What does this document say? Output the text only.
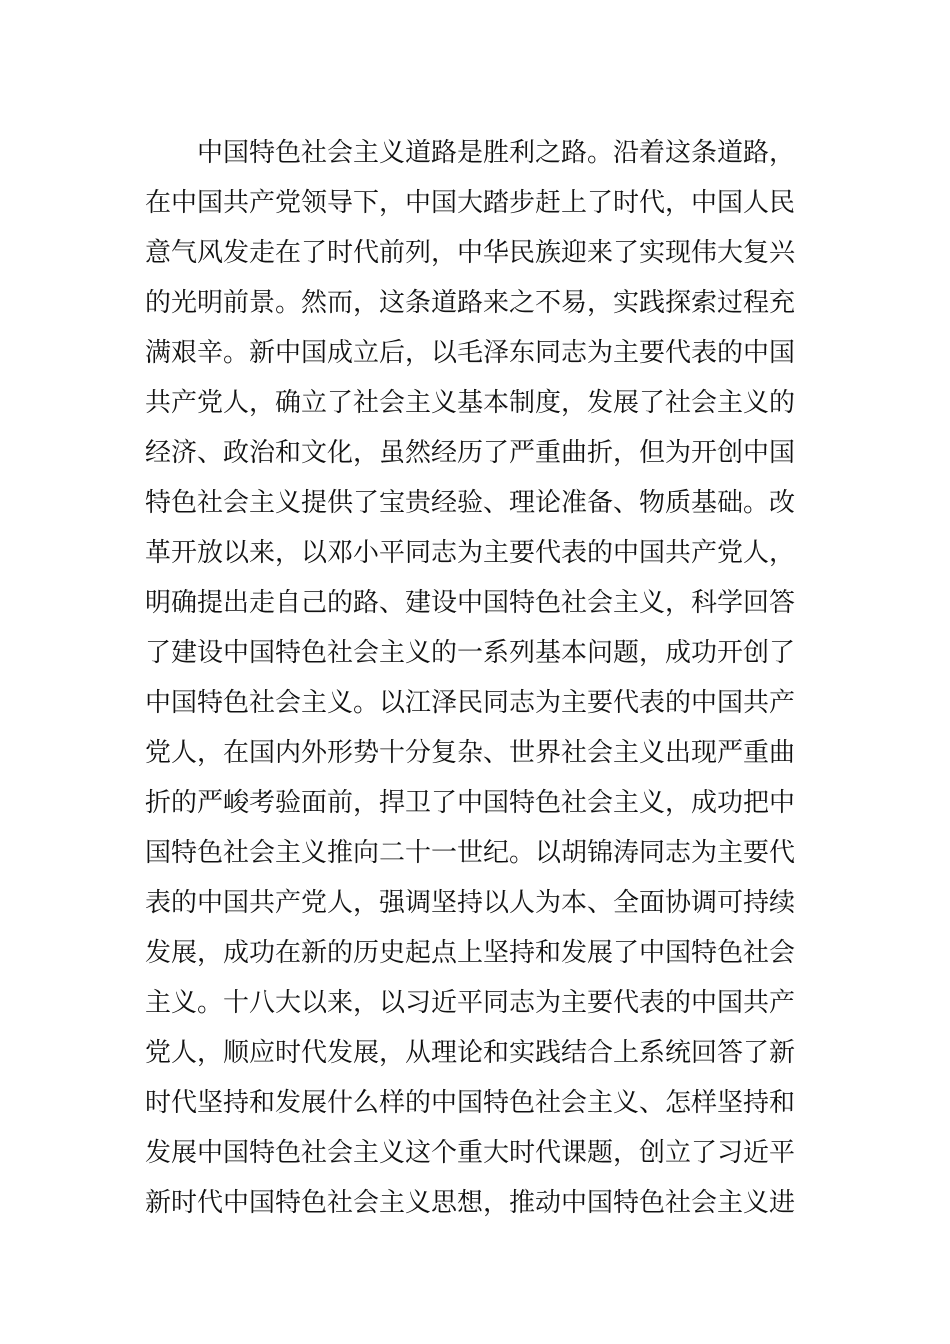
中国特色社会主义道路是胜利之路。沿着这条道路，
在中国共产党领导下，中国大踏步赶上了时代，中国人民
意气风发走在了时代前列，中华民族迎来了实现伟大复兴
的光明前景。然而，这条道路来之不易，实践探索过程充
满艰辛。新中国成立后，以毛泽东同志为主要代表的中国
共产党人，确立了社会主义基本制度，发展了社会主义的
经济、政治和文化，虽然经历了严重曲折，但为开创中国
特色社会主义提供了宝贵经验、理论准备、物质基础。改
革开放以来，以邓小平同志为主要代表的中国共产党人，
明确提出走自己的路、建设中国特色社会主义，科学回答
了建设中国特色社会主义的一系列基本问题，成功开创了
中国特色社会主义。以江泽民同志为主要代表的中国共产
党人，在国内外形势十分复杂、世界社会主义出现严重曲
折的严峻考验面前，捍卫了中国特色社会主义，成功把中
国特色社会主义推向二十一世纪。以胡锦涛同志为主要代
表的中国共产党人，强调坚持以人为本、全面协调可持续
发展，成功在新的历史起点上坚持和发展了中国特色社会
主义。十八大以来，以习近平同志为主要代表的中国共产
党人，顺应时代发展，从理论和实践结合上系统回答了新
时代坚持和发展什么样的中国特色社会主义、怎样坚持和
发展中国特色社会主义这个重大时代课题，创立了习近平
新时代中国特色社会主义思想，推动中国特色社会主义进
